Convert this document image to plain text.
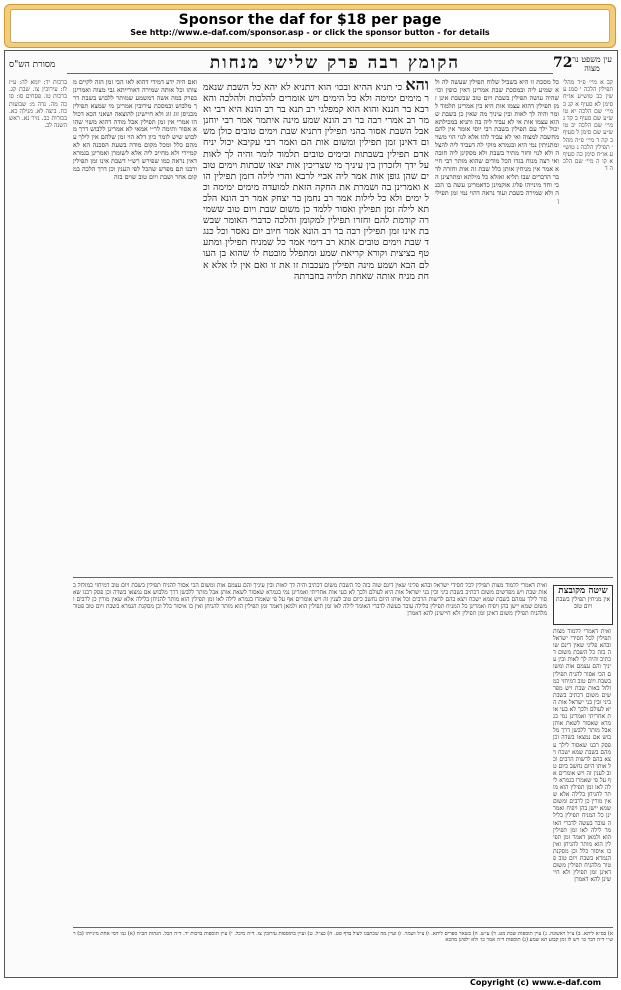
Sponsor the daf for $18 per page
See http://www.e-daf.com/sponsor.asp - or click the sponsor button - for details
72
הקומץ רבה פרק שלישי מנחות
מסורת הש"ס
עין משפט נר מצוה
קב א מיי׳ פ״ד מהל׳ תפילין הלכה י סמג עשין כב טוש״ע או״ח סימן לא סעיף א קג ב מיי׳ שם הלכה יא טוש״ע שם סעיף ב קד ג מיי׳ שם הלכה יב טוש״ע שם סימן ל סעיף ב קה ד מיי׳ פ״ה מהל׳ תפילין הלכה ג טוש״ע או״ח סימן כה סעיף א קו ה מיי׳ שם הלכה ד
כל מסכת זו היא בשביל שלוח תפילין שעשה לה ולא שמיע ליה ובמסכת שבת אמרינן דאין כופין וכו׳ שהיה עושה תפילין בשבת ויום טוב שבשבת אינן זמן תפילין דהוא עצמו אות היא בין אמרינן תלמוד לומר והיה לך לאות ובין עיניך מה שאין כן בשבת שהוא עצמו אות אי לא עביד ליה בה ותניא במכילתא יכול ילך עם תפילין בשבת רבי יוסי אומר אין להם מחשבה למצוה ואי לא עביד להו אלא לנוי הוי משוי ומתניתין נמי היא ובגמרא מוקי לה דעביד ליה להצלה ולא לנוי וחזר מתיר בשבת ולא מסקינן ליה חובה ואי רצה מנוח בגדו הכל מודים שהוא מותר רבי חייא אמר אין מניחין אותן כלל שבת זה אות וחזרה לדבר הדברים שבו תליא ואזלא כל מילתא ומתרצינן הכי וחד מינייהו פליג אוקמינן כדאמרינן עשה בו הכנה ולא שמירה כשבת ועוד נראה דהוי נמי זמן תפילין
והא כי תניא ההיא ובכו׳ הוא דתניא לא יהא כל השבת שנאמר מימים ימימה ולא כל הימים ויש אומרים להלכות ולהלכה והא רבא בר חננא והוא הוא קמפלגי רב תנא בר רב הונא היא רבי ואמר רב אמרי רבה בר רב הונא שמע מינה איתמר אמר רבי יוחנן אבל השבת אסור בהני תפילין דתניא שבת וימים טובים כולן משום דאינן זמן תפילין ומשום אות הם ואמר רבי עקיבא יכול יניח אדם תפילין בשבתות ובימים טובים תלמוד לומר והיה לך לאות על ידך ולזכרון בין עיניך מי שצריכין אות יצאו שבתות וימים טובים שהן גופן אות אמר ליה אביי לרבא והרי לילה דזמן תפילין הוא ואמרינן בה ושמרת את החקה הזאת למועדה מימים ימימה וכל ימים ולא כל לילות אמר רב נחמן בר יצחק אמר רב הונא הלכתא לילה זמן תפילין ואסור ללמד כן משום שבת ויום טוב ששמירה קודמת להם וחזרו תפילין למקומן והלכה כדברי האומר שבשבת אינו זמן תפילין רבה בר רב הונא אמר חיוב יום נאסר וכל כנגד שבת וימים טובים אתא רב דימי אמר כל שמניח תפילין ומתעטף בציצית וקורא קריאת שמע ומתפלל מובטח לו שהוא בן העולם הבא ושמע מינה תפילין מעכבות זו את זו ואם אין לו אלא אחת מניח אותה שאחת תלויה בחברתה
ואם היה ידע דמידי דהוא לאו הכי זמן הזה לקיים מצותו וכל אותה שמירה דאורייתא גבי מצוה ואמרינן בפרק במה אשה דמשמע שמותר ללבוש בשבת דרך מלבוש ובמסכת עירובין אמרינן מי שמצא תפילין מכניסן זוג זוג ולא חיישינן להוצאה ושאני הכא דכולהו אמרי אין זמן תפילין אבל מודה דהוא משוי שהוא אסור ותימה לר״י אמאי לא אמרינן ללבוש דרך מלבוש שיש לומר כיון דלא הוי זמן שלהם אין לילך עמהם כלל ומכל מקום מודה בשעת הסכנה הא לא קמיירי ולא מחייב ליה אלא לשומרן ואמרינן בגמרא דאין נראה כמו שפירש רש״י דשבת אינו זמן תפילין ורבנו תם מפרש שהכל לפי הענין וכן דרך הלכה במקום אחר ושבת ויום טוב שוים בזה
ברכות יד: יומא לה: ע״ז לז: עירובין צו. שבת קג. ברכות טו. פסחים סו: סוכה מה. נדה מ: שבועות כח. ביצה לא. מגילה כא. בכורות כב. נזיר נא. ראש השנה לב.
שיטה מקובצת
אין מניחין תפילין בשבת ויום טוב
ואית דאמרי ללמוד מצות תפילין לכל חסידי ישראל ובהא פליגי שאין דינם שוה בזה כל השבת משום דכתיב והיה לך לאות ובין עיניך והם עצמם אות ומשום הכי אסור להניח תפילין בשבת ויום טוב דמיחזי כמזלזל באות שבת ויש מפרשים משום דכתיב בשבת ביני ובין בני ישראל אות היא לעולם ולכך לא בעי אות אחריתי ואמרינן נמי בגמרא שאסור לשאת אותן אבל מותר ללבשן דרך מלבוש אם נמצאו בשדה וכן פסק רבנו שאסור לילך עמהם בשבת שמא ישכח ויצא בהם לרשות הרבים וכל אותו היום נחשב כיום טוב לענין זה ויש אומרים אף על פי שאמרו בגמרא לילה לאו זמן תפילין הוא מותר להניחן בלילה אלא שאין מורין כן לרבים ומשום שמא יישן בהן ויפיח ואמרינן כל המניח תפילין בלילה עובר בעשה לדברי האומר לילה לאו זמן תפילין הוא ולמאן דאמר זמן תפילין הוא מותר להניחן ואין בו איסור כלל וכן מסקנת הגמרא בשבת ויום טוב פטור מלהניח תפילין משום דאינן זמן תפילין ולא חיישינן להא דאמרן
ואית דאמרי ללמוד מצות תפילין לכל חסידי ישראל ובהא פליגי שאין דינם שוה בזה כל השבת משום דכתיב והיה לך לאות ובין עיניך והם עצמם אות ומשום הכי אסור להניח תפילין בשבת ויום טוב דמיחזי כמזלזל באות שבת ויש מפרשים משום דכתיב בשבת ביני ובין בני ישראל אות היא לעולם ולכך לא בעי אות אחריתי ואמרינן נמי בגמרא שאסור לשאת אותן אבל מותר ללבשן דרך מלבוש אם נמצאו בשדה וכן פסק רבנו שאסור לילך עמהם בשבת שמא ישכח ויצא בהם לרשות הרבים וכל אותו היום נחשב כיום טוב לענין זה ויש אומרים אף על פי שאמרו בגמרא לילה לאו זמן תפילין הוא מותר להניחן בלילה אלא שאין מורין כן לרבים ומשום שמא יישן בהן ויפיח ואמרינן כל המניח תפילין בלילה עובר בעשה לדברי האומר לילה לאו זמן תפילין הוא ולמאן דאמר זמן תפילין הוא מותר להניחן ואין בו איסור כלל וכן מסקנת הגמרא בשבת ויום טוב פטור מלהניח תפילין משום דאינן זמן תפילין ולא חיישינן להא דאמרן
א) בס״א ליתא. ב) צ״ל ראשונה. ג) עיין תוספות שבת מט. ד) ע״ש. ה) בשאר ספרים ליתא. ו) צ״ל ושמר. ז) ועיין מה שכתבנו לעיל בדף סט. ח) כצ״ל. ט) ועיין בתוספות עירובין צו. ד״ה מיכל. י) עיין תוספות ברכות יד. ד״ה הכל. הגהות הב״ח (א) גמ׳ דמי אחת מינייהו (ב) רש״י ד״ה דבר כו׳ ויש לו זמן קבוע תא שמע (ג) תוספות ד״ה אמר כו׳ ולא ילפינן מהכא
Copyright (c) www.e-daf.com
